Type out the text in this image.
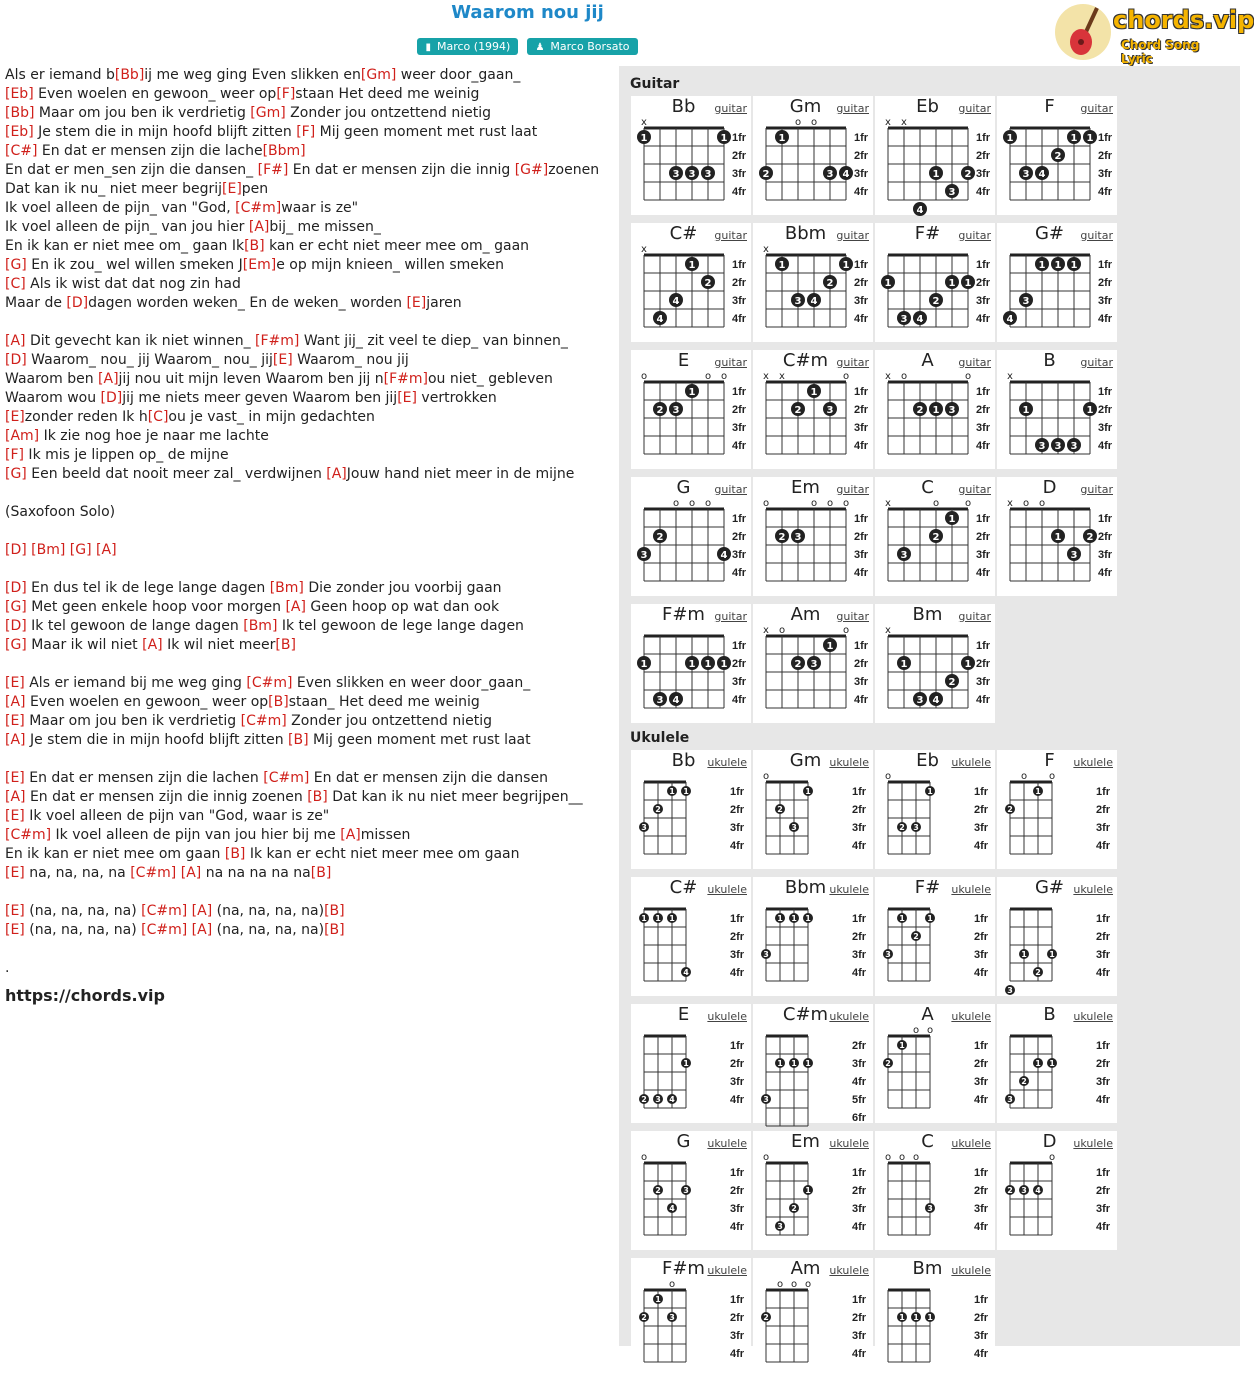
Waarom nou jij
▮ Marco (1994)	♟ Marco Borsato
chords.vip
Chord Song Lyric
Als er iemand b[Bb]ij me weg ging Even slikken en[Gm] weer door_gaan_
[Eb] Even woelen en gewoon_ weer op[F]staan Het deed me weinig
[Bb] Maar om jou ben ik verdrietig [Gm] Zonder jou ontzettend nietig
[Eb] Je stem die in mijn hoofd blijft zitten [F] Mij geen moment met rust laat
[C#] En dat er mensen zijn die lache[Bbm]
En dat er men_sen zijn die dansen_ [F#] En dat er mensen zijn die innig [G#]zoenen
Dat kan ik nu_ niet meer begrij[E]pen
Ik voel alleen de pijn_ van "God, [C#m]waar is ze"
Ik voel alleen de pijn_ van jou hier [A]bij_ me missen_
En ik kan er niet mee om_ gaan Ik[B] kan er echt niet meer mee om_ gaan
[G] En ik zou_ wel willen smeken J[Em]e op mijn knieen_ willen smeken
[C] Als ik wist dat dat nog zin had
Maar de [D]dagen worden weken_ En de weken_ worden [E]jaren

[A] Dit gevecht kan ik niet winnen_ [F#m] Want jij_ zit veel te diep_ van binnen_
[D] Waarom_ nou_ jij Waarom_ nou_ jij[E] Waarom_ nou jij
Waarom ben [A]jij nou uit mijn leven Waarom ben jij n[F#m]ou niet_ gebleven
Waarom wou [D]jij me niets meer geven Waarom ben jij[E] vertrokken
[E]zonder reden Ik h[C]ou je vast_ in mijn gedachten
[Am] Ik zie nog hoe je naar me lachte
[F] Ik mis je lippen op_ de mijne
[G] Een beeld dat nooit meer zal_ verdwijnen [A]Jouw hand niet meer in de mijne

(Saxofoon Solo)

[D] [Bm] [G] [A]

[D] En dus tel ik de lege lange dagen [Bm] Die zonder jou voorbij gaan
[G] Met geen enkele hoop voor morgen [A] Geen hoop op wat dan ook
[D] Ik tel gewoon de lange dagen [Bm] Ik tel gewoon de lege lange dagen
[G] Maar ik wil niet [A] Ik wil niet meer[B]

[E] Als er iemand bij me weg ging [C#m] Even slikken en weer door_gaan_
[A] Even woelen en gewoon_ weer op[B]staan_ Het deed me weinig
[E] Maar om jou ben ik verdrietig [C#m] Zonder jou ontzettend nietig
[A] Je stem die in mijn hoofd blijft zitten [B] Mij geen moment met rust laat

[E] En dat er mensen zijn die lachen [C#m] En dat er mensen zijn die dansen
[A] En dat er mensen zijn die innig zoenen [B] Dat kan ik nu niet meer begrijpen__
[E] Ik voel alleen de pijn van "God, waar is ze"
[C#m] Ik voel alleen de pijn van jou hier bij me [A]missen
En ik kan er niet mee om gaan [B] Ik kan er echt niet meer mee om gaan
[E] na, na, na, na [C#m] [A] na na na na na[B]

[E] (na, na, na, na) [C#m] [A] (na, na, na, na)[B]
[E] (na, na, na, na) [C#m] [A] (na, na, na, na)[B]

.
https://chords.vip
Guitar
Ukulele
Bb	guitar
1fr
2fr
3fr
4fr
x
1	1
3 3 3
Gm	guitar
1fr
2fr
3fr
4fr
o o
1
2	3 4
Eb	guitar
1fr
2fr
3fr
4fr
x x
1	2
3
4
F	guitar
1fr
2fr
3fr
4fr
1	1 1
2
3 4
C#	guitar
1fr
2fr
3fr
4fr
x
1
2
4
4
Bbm guitar
1fr
2fr
3fr
4fr
x
1	1
2
3 4
F#	guitar
1fr
2fr
3fr
4fr
1	1 1
2
3 4
G#	guitar
1fr
2fr
3fr
4fr
1 1 1
3
4
E	guitar
1fr
2fr
3fr
4fr
o	o o
1
2 3
C#m guitar
1fr
2fr
3fr
4fr
x x	o
1
2	3
A	guitar
1fr
2fr
3fr
4fr
x o	o
2 1 3
B	guitar
1fr
2fr
3fr
4fr
x
1	1
3 3 3
G	guitar
1fr
2fr
3fr
4fr
o o o
2
3	4
Em	guitar
1fr
2fr
3fr
4fr
o	o o o
2 3
C	guitar
1fr
2fr
3fr
4fr
x	o	o
1
2
3
D	guitar
1fr
2fr
3fr
4fr
x o o
1	2
3
F#m guitar
1fr
2fr
3fr
4fr
1	1 1 1
3 4
Am	guitar
1fr
2fr
3fr
4fr
x o	o
1
2 3
Bm	guitar
1fr
2fr
3fr
4fr
x
1	1
2
3 4
Bb	ukulele
1fr
2fr
3fr
4fr
1 1
2
3
Gm ukulele
1fr
2fr
3fr
4fr
o
1
2
3
Eb	ukulele
1fr
2fr
3fr
4fr
o
1
2 3
F	ukulele
1fr
2fr
3fr
4fr
o o
1
2
C# ukulele
1fr
2fr
3fr
4fr
1 1 1
4
Bbm ukulele
1fr
2fr
3fr
4fr
1 1 1
3
F#	ukulele
1fr
2fr
3fr
4fr
1	1
2
3
G# ukulele
1fr
2fr
3fr
4fr
1	1
2
3
E	ukulele
1fr
2fr
3fr
4fr
1
2 3 4
C#m ukulele
2fr
3fr
4fr
5fr
6fr
1 1 1
3
A	ukulele
1fr
2fr
3fr
4fr
o o
1
2
B	ukulele
1fr
2fr
3fr
4fr
1 1
2
3
G	ukulele
1fr
2fr
3fr
4fr
o
2	3
4
Em ukulele
1fr
2fr
3fr
4fr
o
1
2
3
C	ukulele
1fr
2fr
3fr
4fr
o o o
3
D	ukulele
1fr
2fr
3fr
4fr
o
2 3 4
F#m ukulele
1fr
2fr
3fr
4fr
o
1
2	3
Am ukulele
1fr
2fr
3fr
4fr
o o o
2
Bm ukulele
1fr
2fr
3fr
4fr
1 1 1
